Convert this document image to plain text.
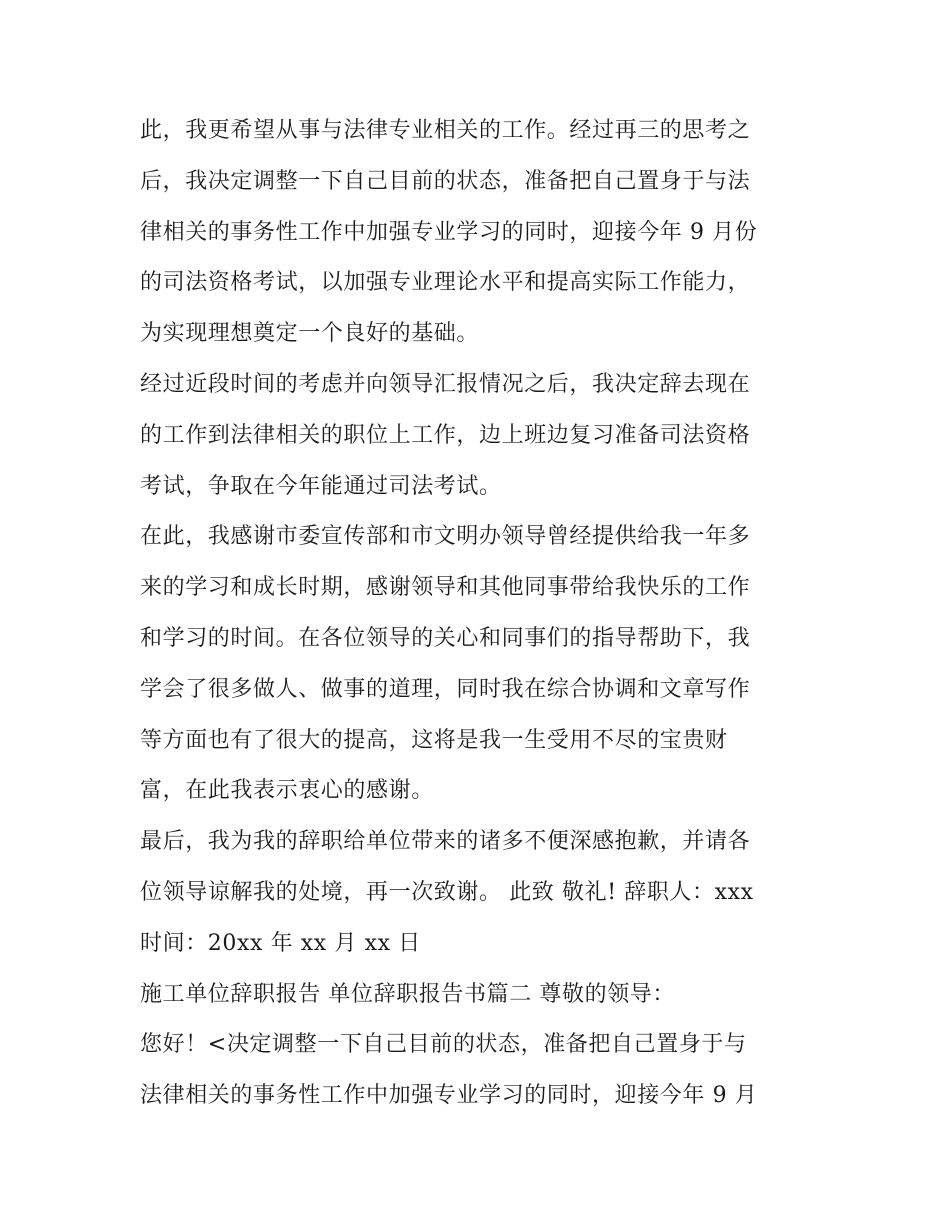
此，我更希望从事与法律专业相关的工作。经过再三的思考之
后，我决定调整一下自己目前的状态，准备把自己置身于与法
律相关的事务性工作中加强专业学习的同时，迎接今年 9 月份
的司法资格考试，以加强专业理论水平和提高实际工作能力，
为实现理想奠定一个良好的基础。
经过近段时间的考虑并向领导汇报情况之后，我决定辞去现在
的工作到法律相关的职位上工作，边上班边复习准备司法资格
考试，争取在今年能通过司法考试。
在此，我感谢市委宣传部和市文明办领导曾经提供给我一年多
来的学习和成长时期，感谢领导和其他同事带给我快乐的工作
和学习的时间。在各位领导的关心和同事们的指导帮助下，我
学会了很多做人、做事的道理，同时我在综合协调和文章写作
等方面也有了很大的提高，这将是我一生受用不尽的宝贵财
富，在此我表示衷心的感谢。
最后，我为我的辞职给单位带来的诸多不便深感抱歉，并请各
位领导谅解我的处境，再一次致谢。 此致 敬礼! 辞职人：xxx
时间：20xx 年 xx 月 xx 日
施工单位辞职报告 单位辞职报告书篇二 尊敬的领导：
您好！<决定调整一下自己目前的状态，准备把自己置身于与
法律相关的事务性工作中加强专业学习的同时，迎接今年 9 月
